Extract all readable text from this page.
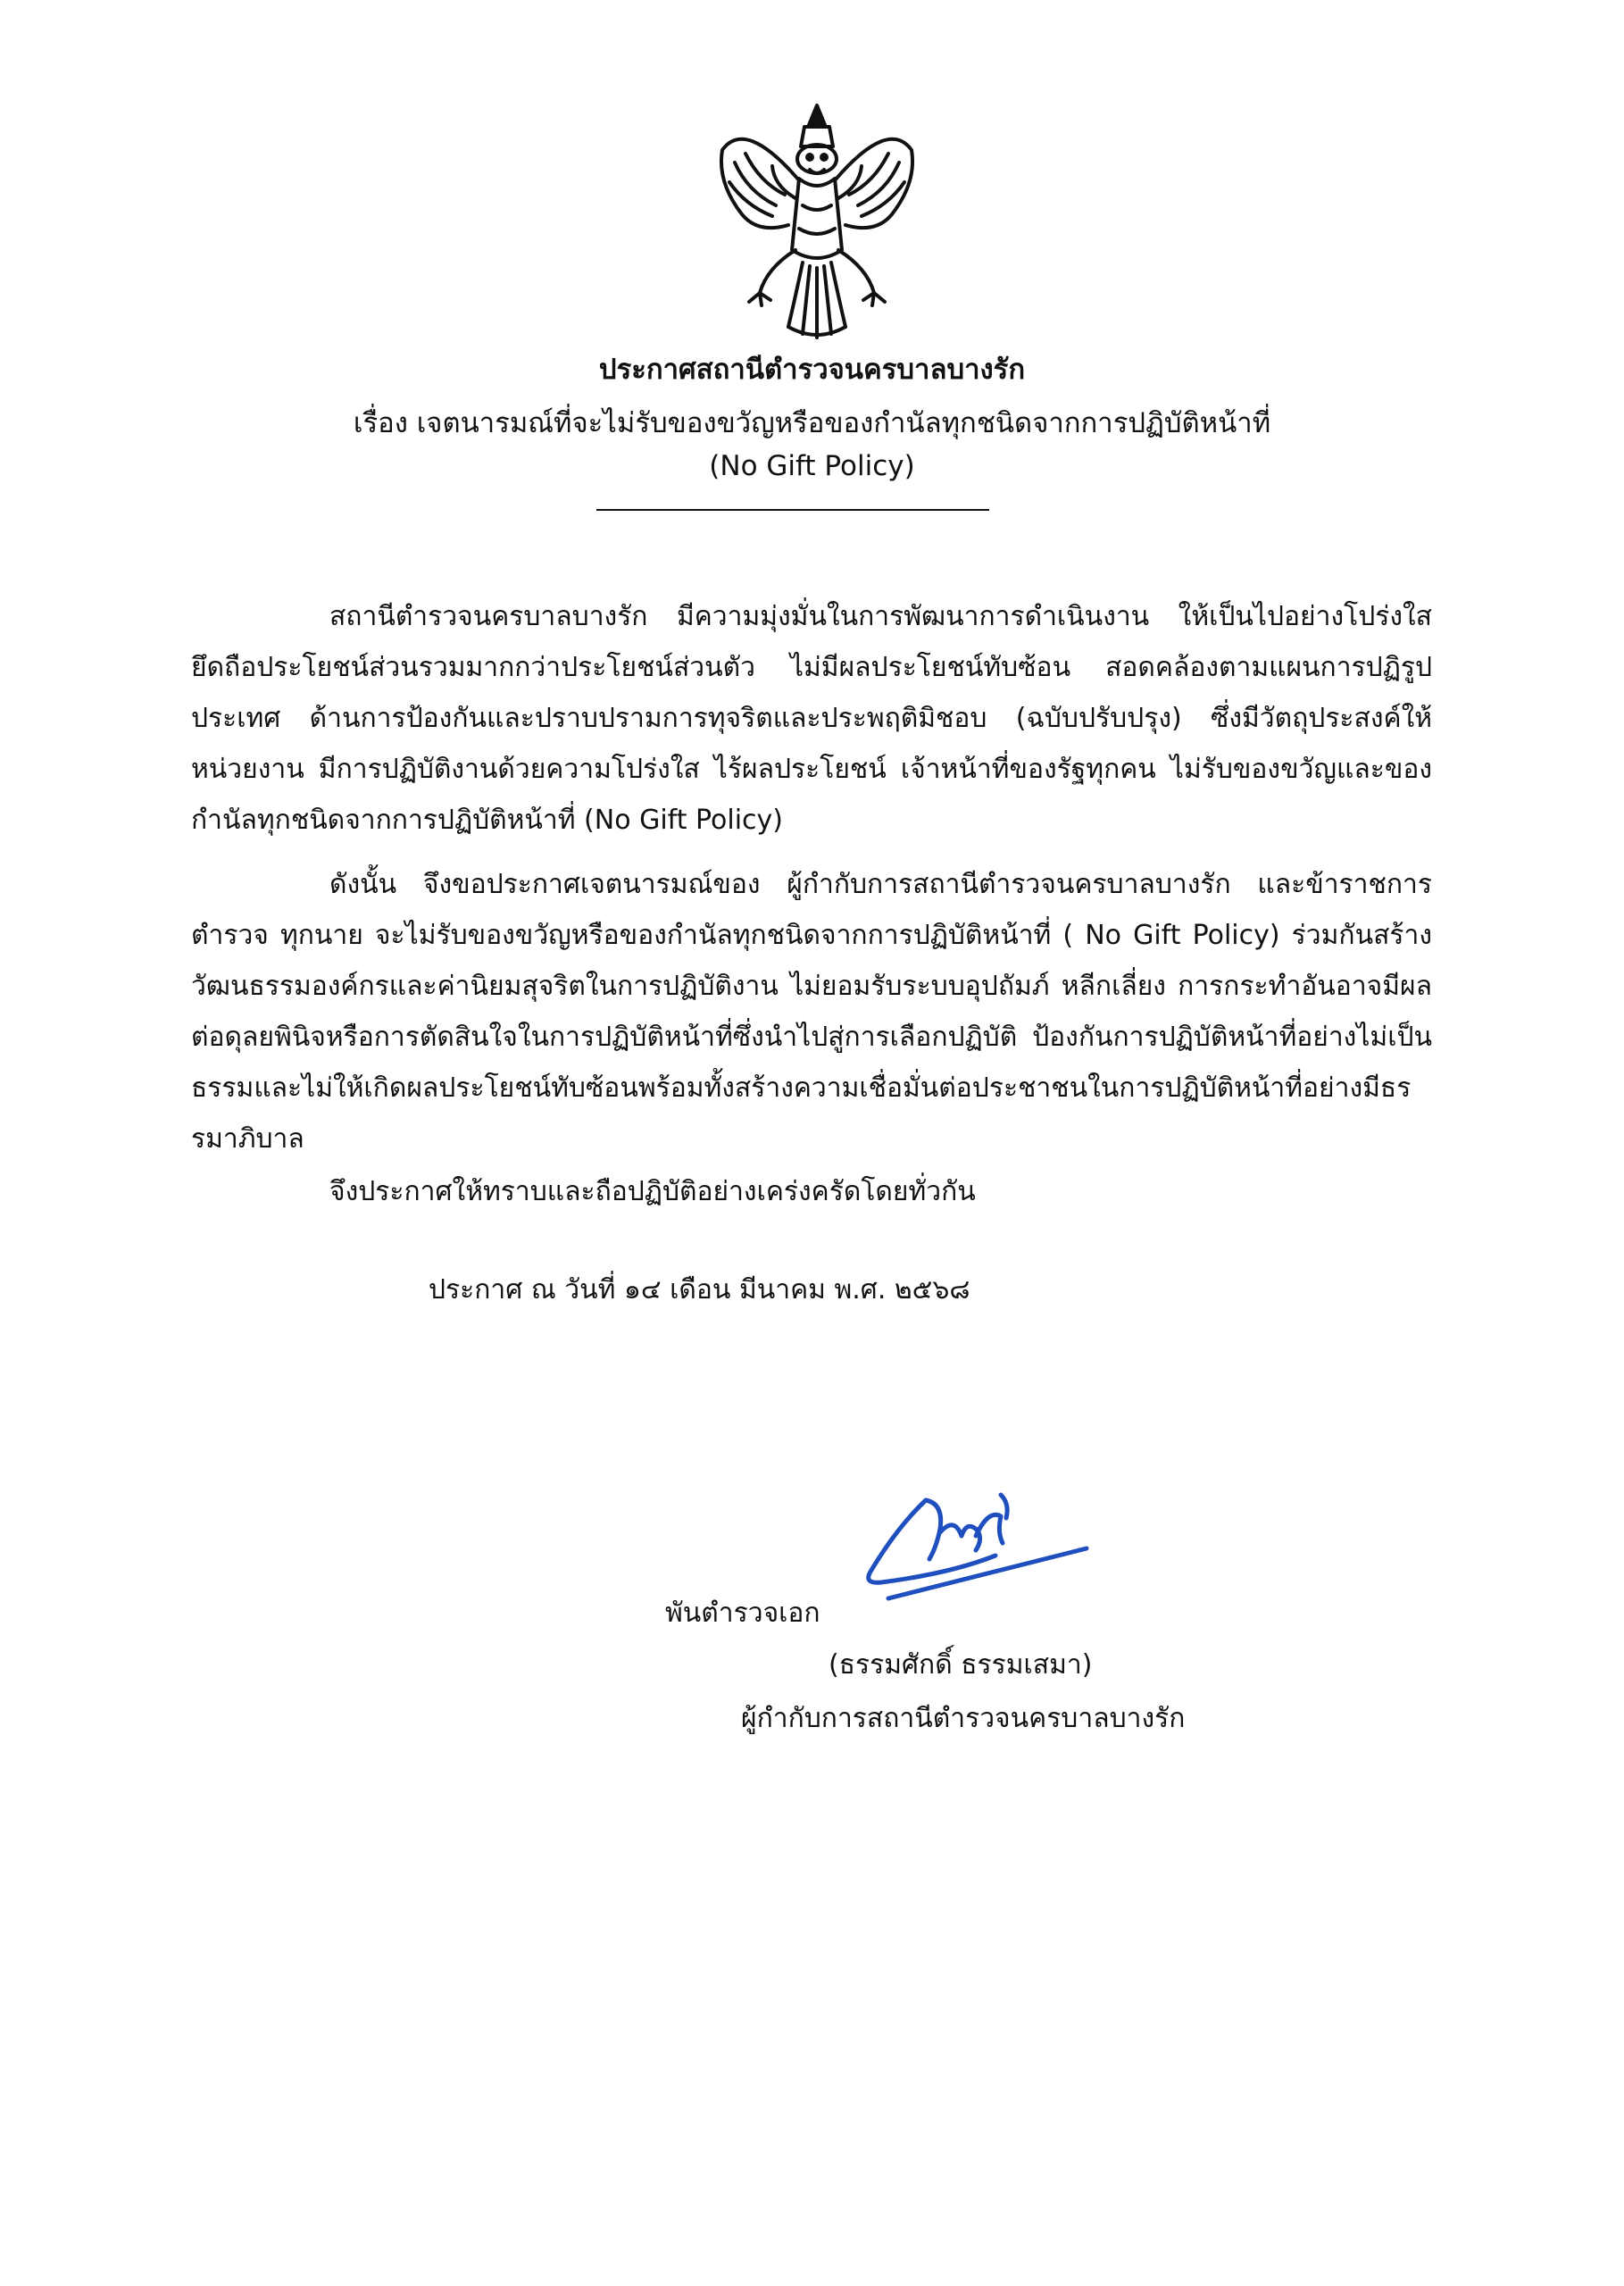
ประกาศสถานีตำรวจนครบาลบางรัก
เรื่อง เจตนารมณ์ที่จะไม่รับของขวัญหรือของกำนัลทุกชนิดจากการปฏิบัติหน้าที่
(No Gift Policy)
สถานีตำรวจนครบาลบางรัก มีความมุ่งมั่นในการพัฒนาการดำเนินงาน ให้เป็นไปอย่างโปร่งใส ยึดถือประโยชน์ส่วนรวมมากกว่าประโยชน์ส่วนตัว ไม่มีผลประโยชน์ทับซ้อน สอดคล้องตามแผนการปฏิรูปประเทศ ด้านการป้องกันและปราบปรามการทุจริตและประพฤติมิชอบ (ฉบับปรับปรุง) ซึ่งมีวัตถุประสงค์ให้หน่วยงาน มีการปฏิบัติงานด้วยความโปร่งใส ไร้ผลประโยชน์ เจ้าหน้าที่ของรัฐทุกคน ไม่รับของขวัญและของกำนัลทุกชนิดจากการปฏิบัติหน้าที่ (No Gift Policy)
ดังนั้น จึงขอประกาศเจตนารมณ์ของ ผู้กำกับการสถานีตำรวจนครบาลบางรัก และข้าราชการตำรวจ ทุกนาย จะไม่รับของขวัญหรือของกำนัลทุกชนิดจากการปฏิบัติหน้าที่ ( No Gift Policy) ร่วมกันสร้างวัฒนธรรมองค์กรและค่านิยมสุจริตในการปฏิบัติงาน ไม่ยอมรับระบบอุปถัมภ์ หลีกเลี่ยง การกระทำอันอาจมีผลต่อดุลยพินิจหรือการตัดสินใจในการปฏิบัติหน้าที่ซึ่งนำไปสู่การเลือกปฏิบัติ ป้องกันการปฏิบัติหน้าที่อย่างไม่เป็นธรรมและไม่ให้เกิดผลประโยชน์ทับซ้อนพร้อมทั้งสร้างความเชื่อมั่นต่อประชาชนในการปฏิบัติหน้าที่อย่างมีธรรมาภิบาล
จึงประกาศให้ทราบและถือปฏิบัติอย่างเคร่งครัดโดยทั่วกัน
ประกาศ ณ วันที่ ๑๔ เดือน มีนาคม พ.ศ. ๒๕๖๘
พันตำรวจเอก
(ธรรมศักดิ์ ธรรมเสมา)
ผู้กำกับการสถานีตำรวจนครบาลบางรัก
